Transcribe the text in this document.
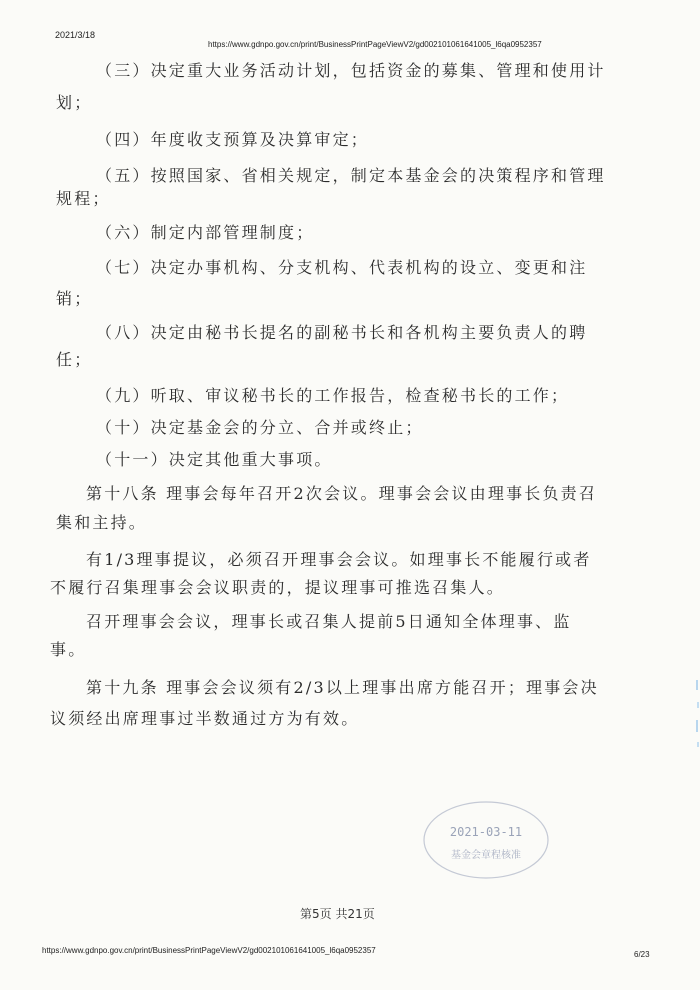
2021/3/18
https://www.gdnpo.gov.cn/print/BusinessPrintPageViewV2/gd002101061641005_l6qa0952357
（三）决定重大业务活动计划，包括资金的募集、管理和使用计
划；
（四）年度收支预算及决算审定；
（五）按照国家、省相关规定，制定本基金会的决策程序和管理
规程；
（六）制定内部管理制度；
（七）决定办事机构、分支机构、代表机构的设立、变更和注
销；
（八）决定由秘书长提名的副秘书长和各机构主要负责人的聘
任；
（九）听取、审议秘书长的工作报告，检查秘书长的工作；
（十）决定基金会的分立、合并或终止；
（十一）决定其他重大事项。
第十八条 理事会每年召开2次会议。理事会会议由理事长负责召
集和主持。
有1/3理事提议，必须召开理事会会议。如理事长不能履行或者
不履行召集理事会会议职责的，提议理事可推选召集人。
召开理事会会议，理事长或召集人提前5日通知全体理事、监
事。
第十九条 理事会会议须有2/3以上理事出席方能召开；理事会决
议须经出席理事过半数通过方为有效。
2021-03-11
基金会章程核准
第5页 共21页
https://www.gdnpo.gov.cn/print/BusinessPrintPageViewV2/gd002101061641005_l6qa0952357	6/23
